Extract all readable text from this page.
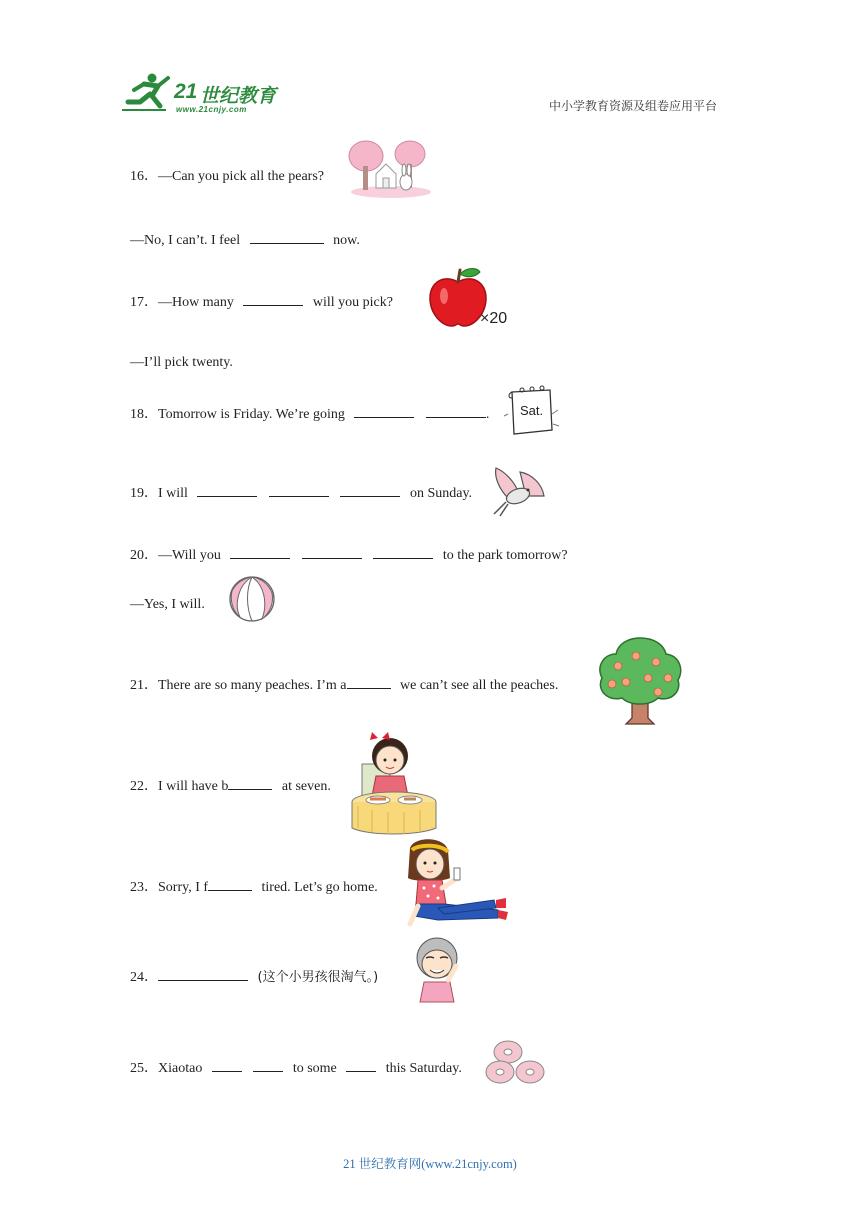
21 世纪教育
www.21cnjy.com	中小学教育资源及组卷应用平台
16．—Can you pick all the pears?
—No, I can’t. I feel	now.
17．—How many	will you pick?
×20
—I’ll pick twenty.
18．Tomorrow is Friday. We’re going	. Sat.
19．I will	on Sunday.
20．—Will you	to the park tomorrow?
—Yes, I will.
21．There are so many peaches. I’m a	we can’t see all the peaches.
22．I will have b	at seven.
23．Sorry, I f	tired. Let’s go home.
24．	(这个小男孩很淘气。)
25．Xiaotao	to some	this Saturday.
21 世纪教育网(www.21cnjy.com)
